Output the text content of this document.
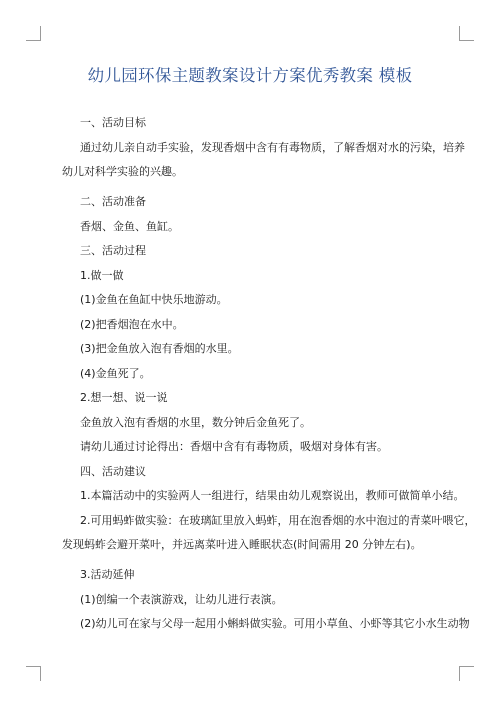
幼儿园环保主题教案设计方案优秀教案 模板
一、活动目标
通过幼儿亲自动手实验，发现香烟中含有有毒物质，了解香烟对水的污染，培养
幼儿对科学实验的兴趣。
二、活动准备
香烟、金鱼、鱼缸。
三、活动过程
1.做一做
(1)金鱼在鱼缸中快乐地游动。
(2)把香烟泡在水中。
(3)把金鱼放入泡有香烟的水里。
(4)金鱼死了。
2.想一想、说一说
金鱼放入泡有香烟的水里，数分钟后金鱼死了。
请幼儿通过讨论得出：香烟中含有有毒物质，吸烟对身体有害。
四、活动建议
1.本篇活动中的实验两人一组进行，结果由幼儿观察说出，教师可做简单小结。
2.可用蚂蚱做实验：在玻璃缸里放入蚂蚱，用在泡香烟的水中泡过的青菜叶喂它，
发现蚂蚱会避开菜叶，并远离菜叶进入睡眠状态(时间需用 20 分钟左右)。
3.活动延伸
(1)创编一个表演游戏，让幼儿进行表演。
(2)幼儿可在家与父母一起用小蝌蚪做实验。可用小草鱼、小虾等其它小水生动物
